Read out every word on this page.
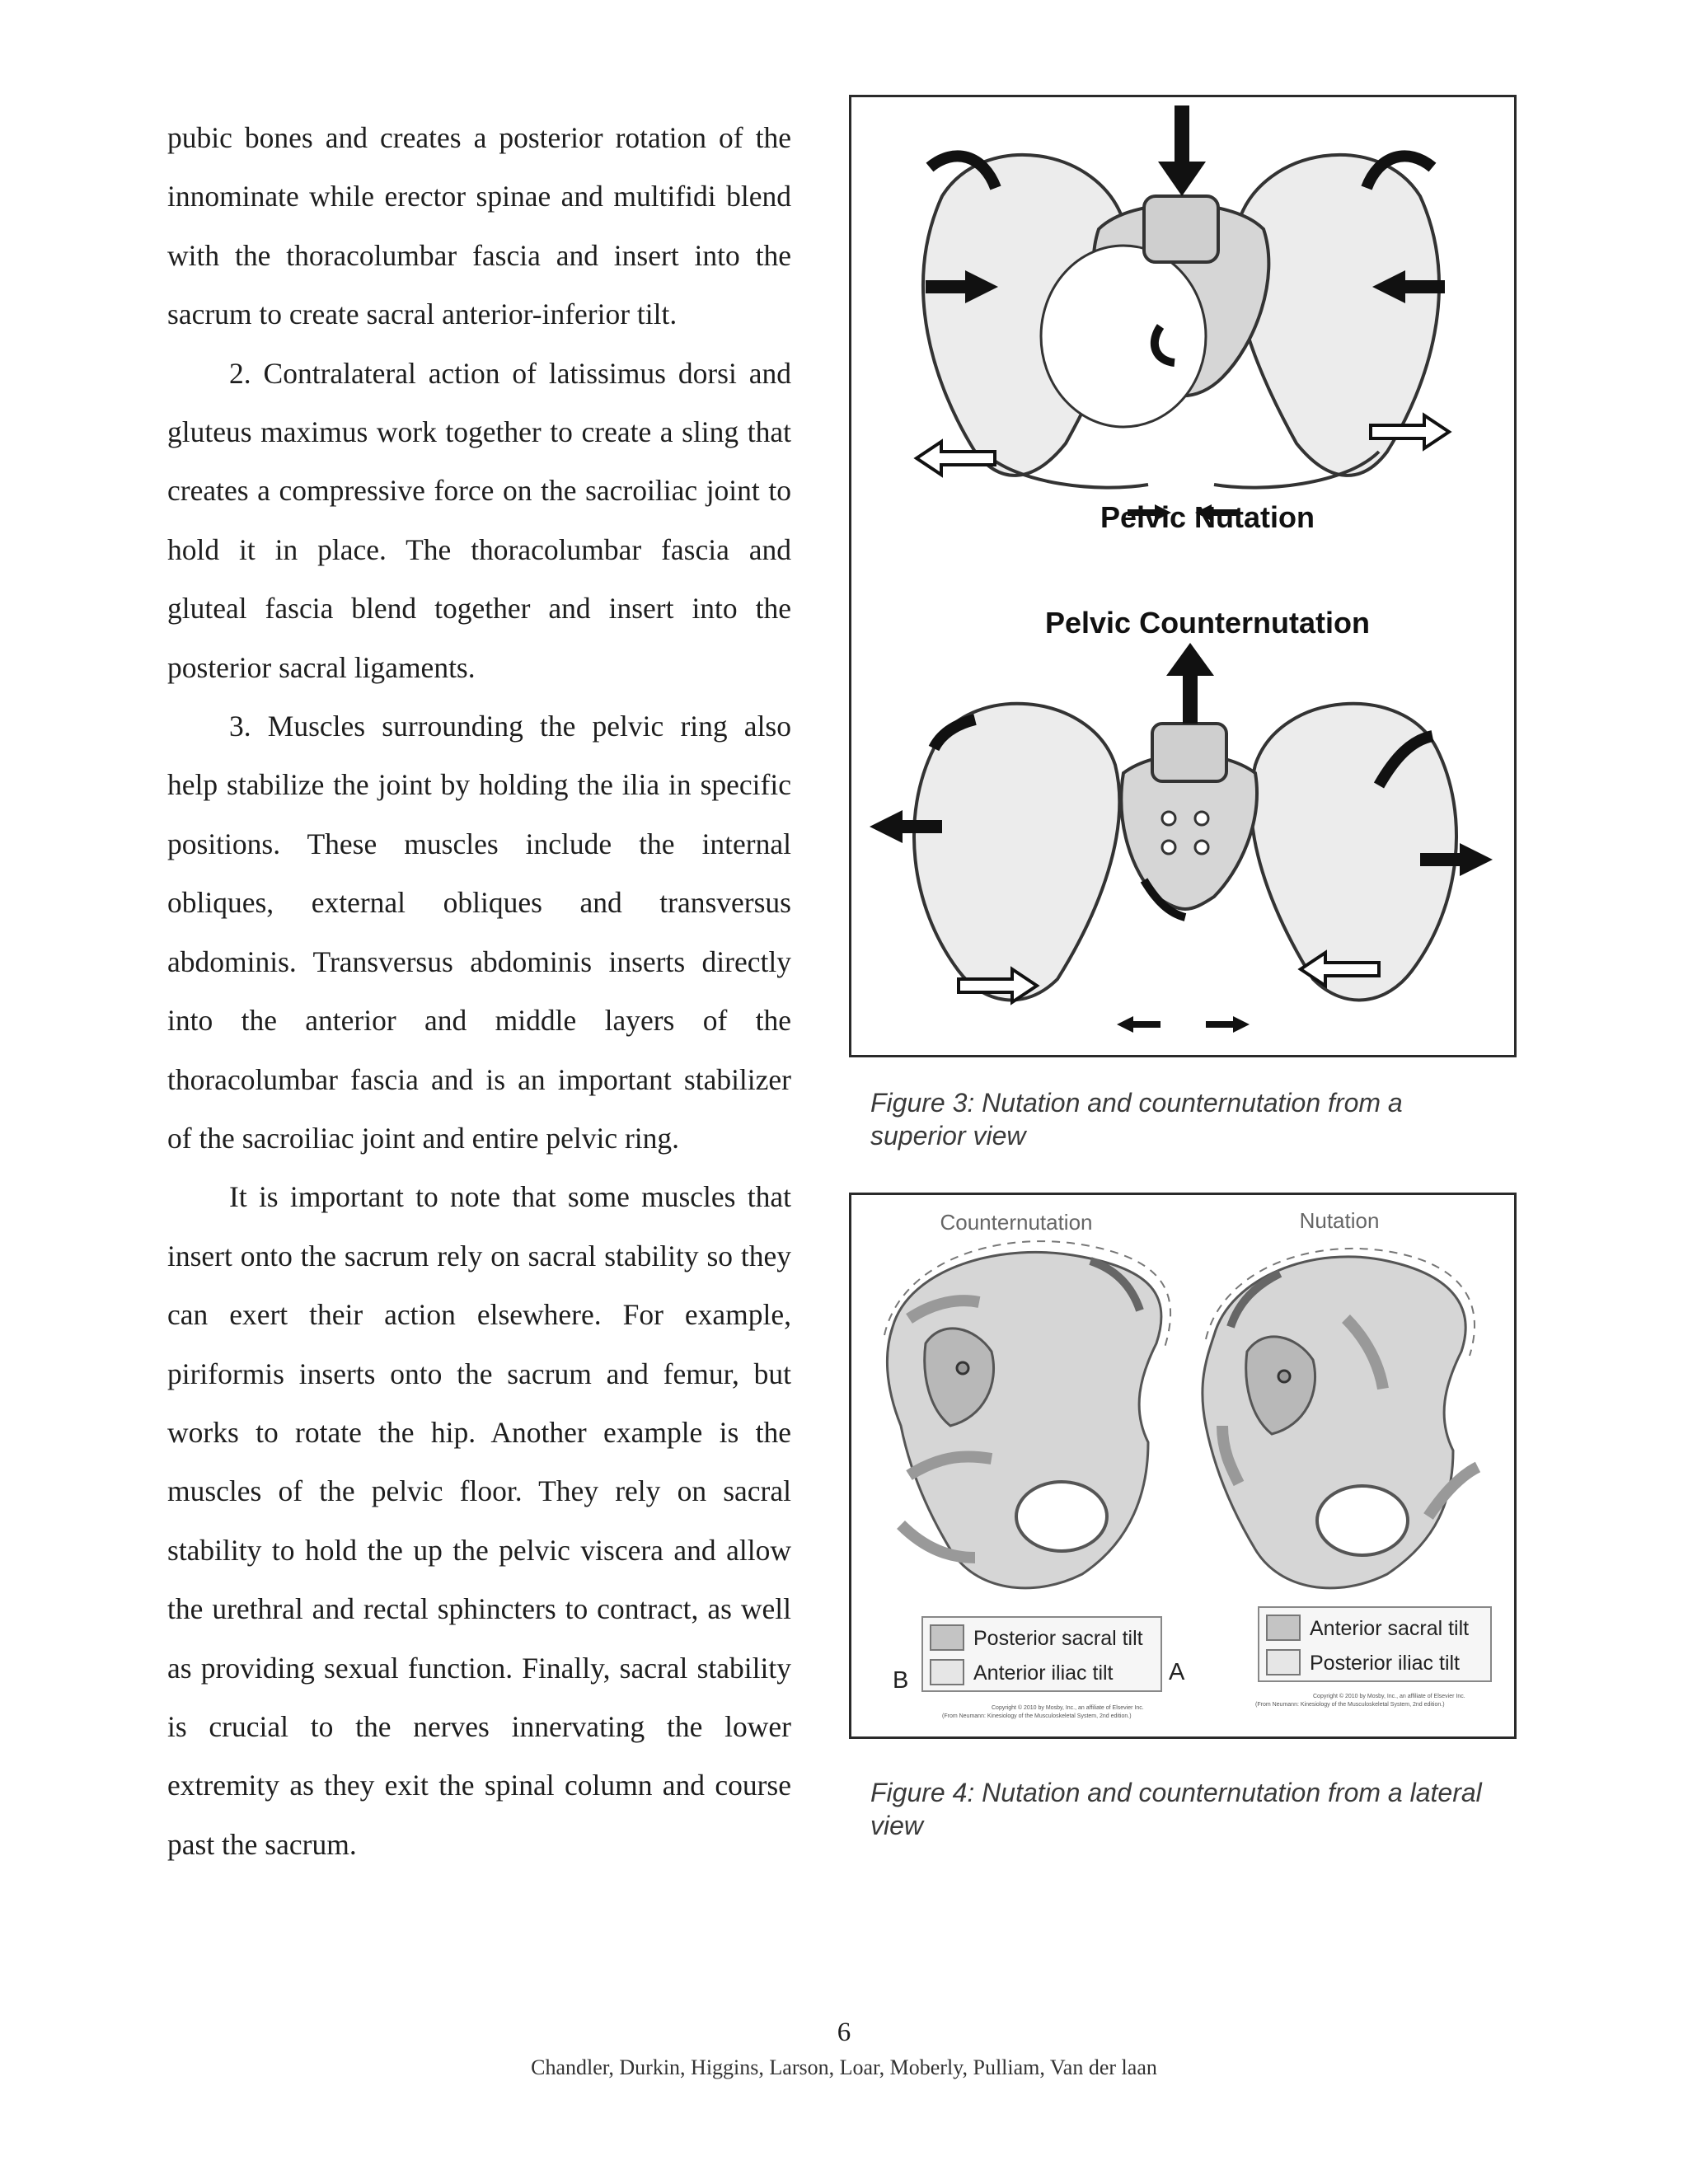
pubic bones and creates a posterior rotation of the innominate while erector spinae and multifidi blend with the thoracolumbar fascia and insert into the sacrum to create sacral anterior-inferior tilt.

2. Contralateral action of latissimus dorsi and gluteus maximus work together to create a sling that creates a compressive force on the sacroiliac joint to hold it in place. The thoracolumbar fascia and gluteal fascia blend together and insert into the posterior sacral ligaments.

3. Muscles surrounding the pelvic ring also help stabilize the joint by holding the ilia in specific positions. These muscles include the internal obliques, external obliques and transversus abdominis. Transversus abdominis inserts directly into the anterior and middle layers of the thoracolumbar fascia and is an important stabilizer of the sacroiliac joint and entire pelvic ring.

It is important to note that some muscles that insert onto the sacrum rely on sacral stability so they can exert their action elsewhere. For example, piriformis inserts onto the sacrum and femur, but works to rotate the hip. Another example is the muscles of the pelvic floor. They rely on sacral stability to hold the up the pelvic viscera and allow the urethral and rectal sphincters to contract, as well as providing sexual function. Finally, sacral stability is crucial to the nerves innervating the lower extremity as they exit the spinal column and course past the sacrum.

Pelvic Nutation
Pelvic Counternutation
Figure 3: Nutation and counternutation from a superior view
Counternutation	Nutation
Posterior sacral tilt
Anterior iliac tilt
B	A
Anterior sacral tilt
Posterior iliac tilt
Copyright © 2010 by Mosby, Inc., an affiliate of Elsevier Inc.
(From Neumann: Kinesiology of the Musculoskeletal System, 2nd edition.)
Copyright © 2010 by Mosby, Inc., an affiliate of Elsevier Inc.
(From Neumann: Kinesiology of the Musculoskeletal System, 2nd edition.)
Figure 4: Nutation and counternutation from a lateral view
6
Chandler, Durkin, Higgins, Larson, Loar, Moberly, Pulliam, Van der laan
